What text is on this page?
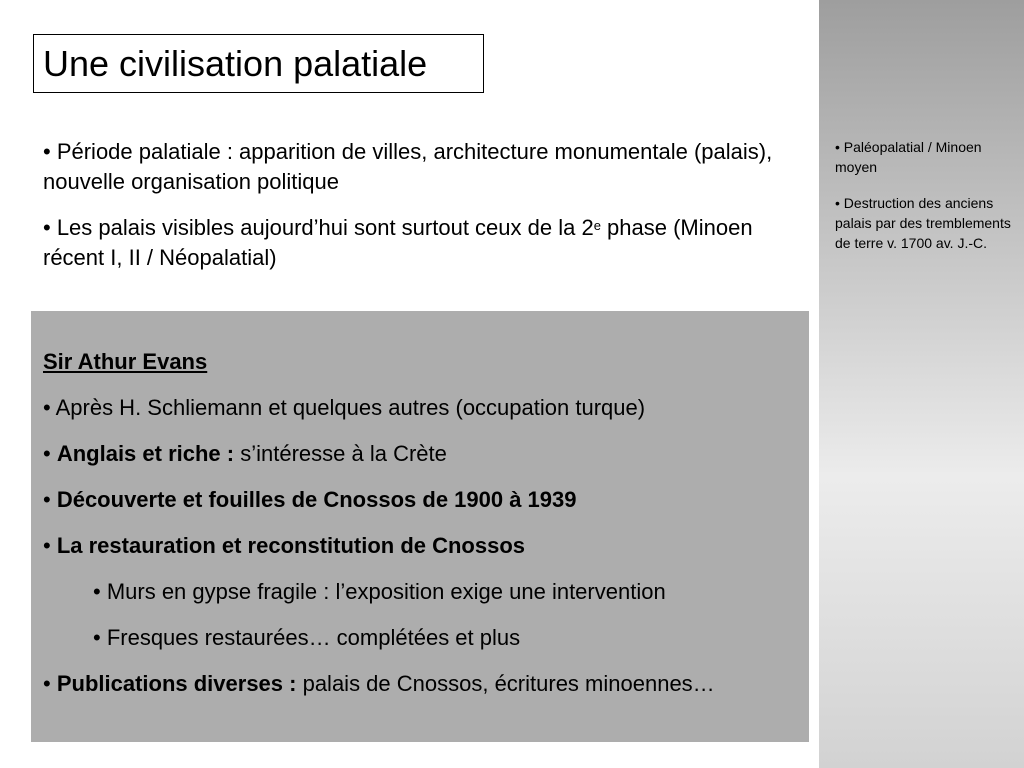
• Paléopalatial / Minoen moyen

• Destruction des anciens palais par des tremblements de terre v. 1700 av. J.-C.

Une civilisation palatiale

• Période palatiale : apparition de villes, architecture monumentale (palais), nouvelle organisation politique

• Les palais visibles aujourd’hui sont surtout ceux de la 2e phase (Minoen récent I, II / Néopalatial)

Sir Athur Evans
• Après H. Schliemann et quelques autres (occupation turque)
• Anglais et riche : s’intéresse à la Crète
• Découverte et fouilles de Cnossos de 1900 à 1939
• La restauration et reconstitution de Cnossos
• Murs en gypse fragile : l’exposition exige une intervention
• Fresques restaurées… complétées et plus
• Publications diverses : palais de Cnossos, écritures minoennes…
